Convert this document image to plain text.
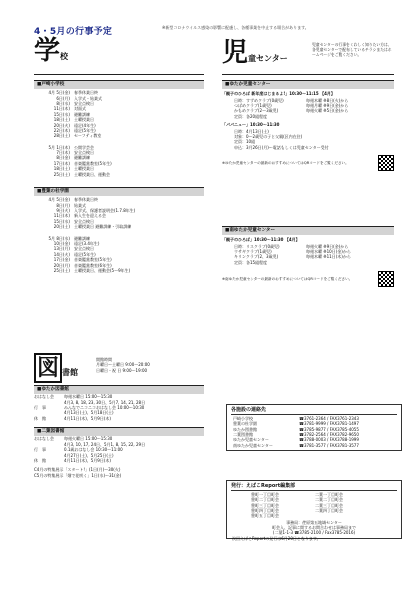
4・5月の行事予定	※新型コロナウイルス感染の影響に配慮し、各種事業を中止する場合があります。
学校
■戸崎小学校
4月 5日(金)	春季休業日終
6日(月)	入学式・始業式
8日(水)	安全点検日
11日(木)	対面式
15日(水)	避難訓練
18日(土)	土曜授業日
20日(火)	遠足(4年生)
22日(木)	遠足(5年生)
28日(土)	セーフティ教室
5月 1日(木)	公開学芸会
7日(木)	安全点検日
8日(金)	避難訓練
17日(木)	音楽鑑賞教室(5年生)
18日(土)	土曜授業日
25日(土)	土曜授業日、運動会
■豊葉の杜学園
4月 5日(金)	春季休業日終
8日(月)	始業式
9日(火)	入学式、保護者説明会(1.7.8年生)
11日(木)	新入生を迎える会
15日(水)	安全点検日
20日(土)	土曜授業日 避難訓練・引取訓練
5月 8日(水)	避難訓練
10日(金)	遠足(3.4年生)
13日(月)	安全点検日
14日(火)	遠足(5年生)
17日(金)	音楽鑑賞教室(5年生)
20日(月)	音楽鑑賞教室(6年生)
25日(土)	土曜授業日、運動会(5〜9年生)
図 書館
開館時間
月曜日〜土曜日 9:00〜20:00
日曜日・祝 日 9:00〜19:00
■ゆたか図書館
おはなし会	毎週水曜日 15:00〜15:30
4月3, 8, 18, 23, 30日、5月7, 14, 21, 28日
行　事	みんなでニコニコおはなし会 10:00〜10:30
4月13日(土)、5月18日(土)
休　館	4月11日(木)、5月9日(木)
■二葉図書館
おはなし会	毎週火曜日 15:00〜15:30
4月3, 10, 17, 24日、5月1, 8, 15, 22, 29日
行　事	0.1歳おはなし会 10:30〜11:00
4月27日(土)、5月25日(土)
休　館	4月11日(木)、5月9日(木)
C4月の特集展示「スタート!」(1日(月)〜30(火)
C5月の特集展示「畑で花咲く」1日(水)〜31(金)
児童センター
児童センターの行事をくわしく知りたい方は、各児童センターで配布しているチラシまたはホームページをご覧ください。
■ゆたか児童センター
「親子のひろば 新年度はじまるよ!」10:30〜11:15 【4月】
日時：すずめクラブ(0歳児)	毎週木曜 ※8日(火)から
つばめクラブ(1歳児)	毎週月曜 ※9日(金)から
かもめクラブ(2〜3歳児)	毎週火曜 ※5日(金)から
定員：各20組程度
「パパニュー」10:30〜11:30
日時：4月13日(土)
対象：0〜2歳児の子と父親(区内在住)
定員：10組
申込：3月26日(月)〜電話もしくは児童センター受付
※ゆたか児童センターの最新のおすすめについてはQRコードをご覧ください。
■南ゆたか児童センター
「親子のひろば」10:30〜11:30 【4月】
日時：リスクラブ(0歳児)	毎週火曜 ※9日(金)から
ウサギクラブ(1歳児)	毎週水曜 ※10日(金)から
キリンクラブ(2、3歳児)	毎週木曜 ※11日(木)から
定員：各15組程度
※南ゆたか児童センターの最新のおすすめについてはQRコードをご覧ください。
各施設の連絡先
戸崎小学校	☎3761-2364 / FAX3761-2343
豊葉の杜学園	☎3781-9999 / FAX3781-1497
ゆたか図書館	☎3785-9877 / FAX3785-4055
二葉図書館	☎3782-2564 / FAX3782-9650
ゆたか児童センター	☎3788-0003 / FAX3788-1999
南ゆたか児童センター	☎3781-3577 / FAX3781-3577
発行：えばこReport編集部
豊町一丁目町会	二葉一丁目町会
豊町二丁目町会	二葉二丁目町会
豊町三丁目町会	二葉三丁目町会
豊町四丁目町会	二葉四丁目町会
豊町五丁目町会	
事務局：荏原第五地域センター
町会入、記事に関するお問合わせは事務局まで
(二葉1-1-3 ☎3785-2100 / Fax3785-2016)
次回えばこReportの発行は6月20日となります。
